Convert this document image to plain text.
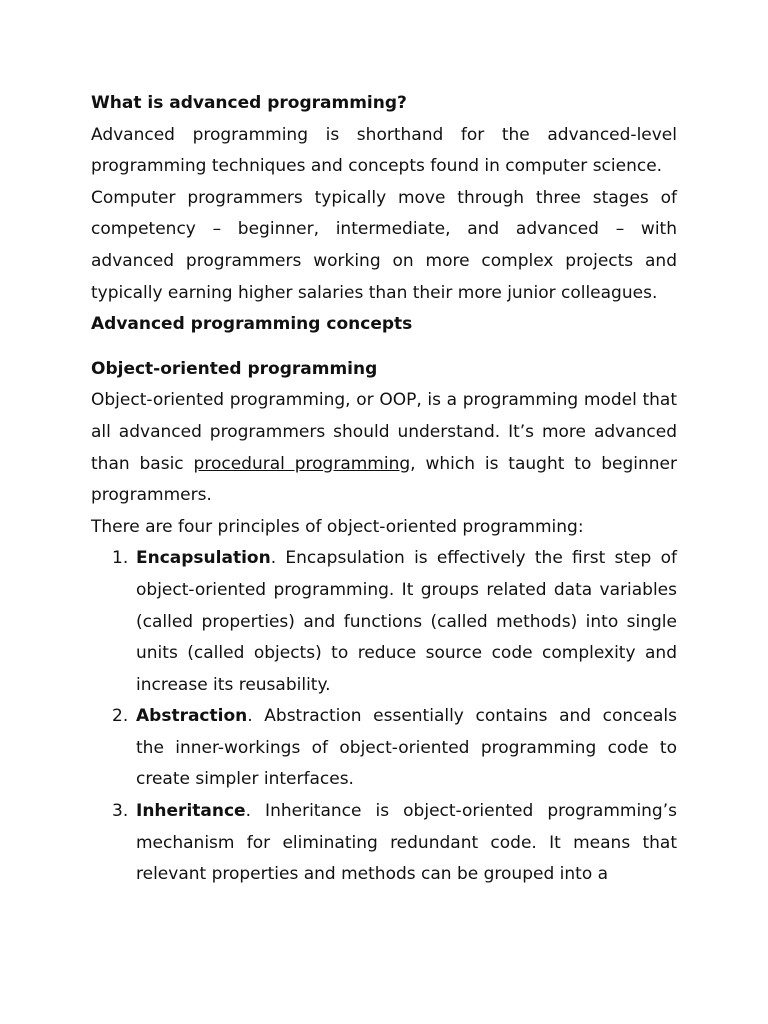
What is advanced programming?

Advanced programming is shorthand for the advanced-level programming techniques and concepts found in computer science.

Computer programmers typically move through three stages of competency – beginner, intermediate, and advanced – with advanced programmers working on more complex projects and typically earning higher salaries than their more junior colleagues.

Advanced programming concepts

Object-oriented programming

Object-oriented programming, or OOP, is a programming model that all advanced programmers should understand. It’s more advanced than basic procedural programming, which is taught to beginner programmers.

There are four principles of object-oriented programming:

1. Encapsulation. Encapsulation is effectively the first step of object-oriented programming. It groups related data variables (called properties) and functions (called methods) into single units (called objects) to reduce source code complexity and increase its reusability.
2. Abstraction. Abstraction essentially contains and conceals the inner-workings of object-oriented programming code to create simpler interfaces.
3. Inheritance. Inheritance is object-oriented programming’s mechanism for eliminating redundant code. It means that relevant properties and methods can be grouped into a
